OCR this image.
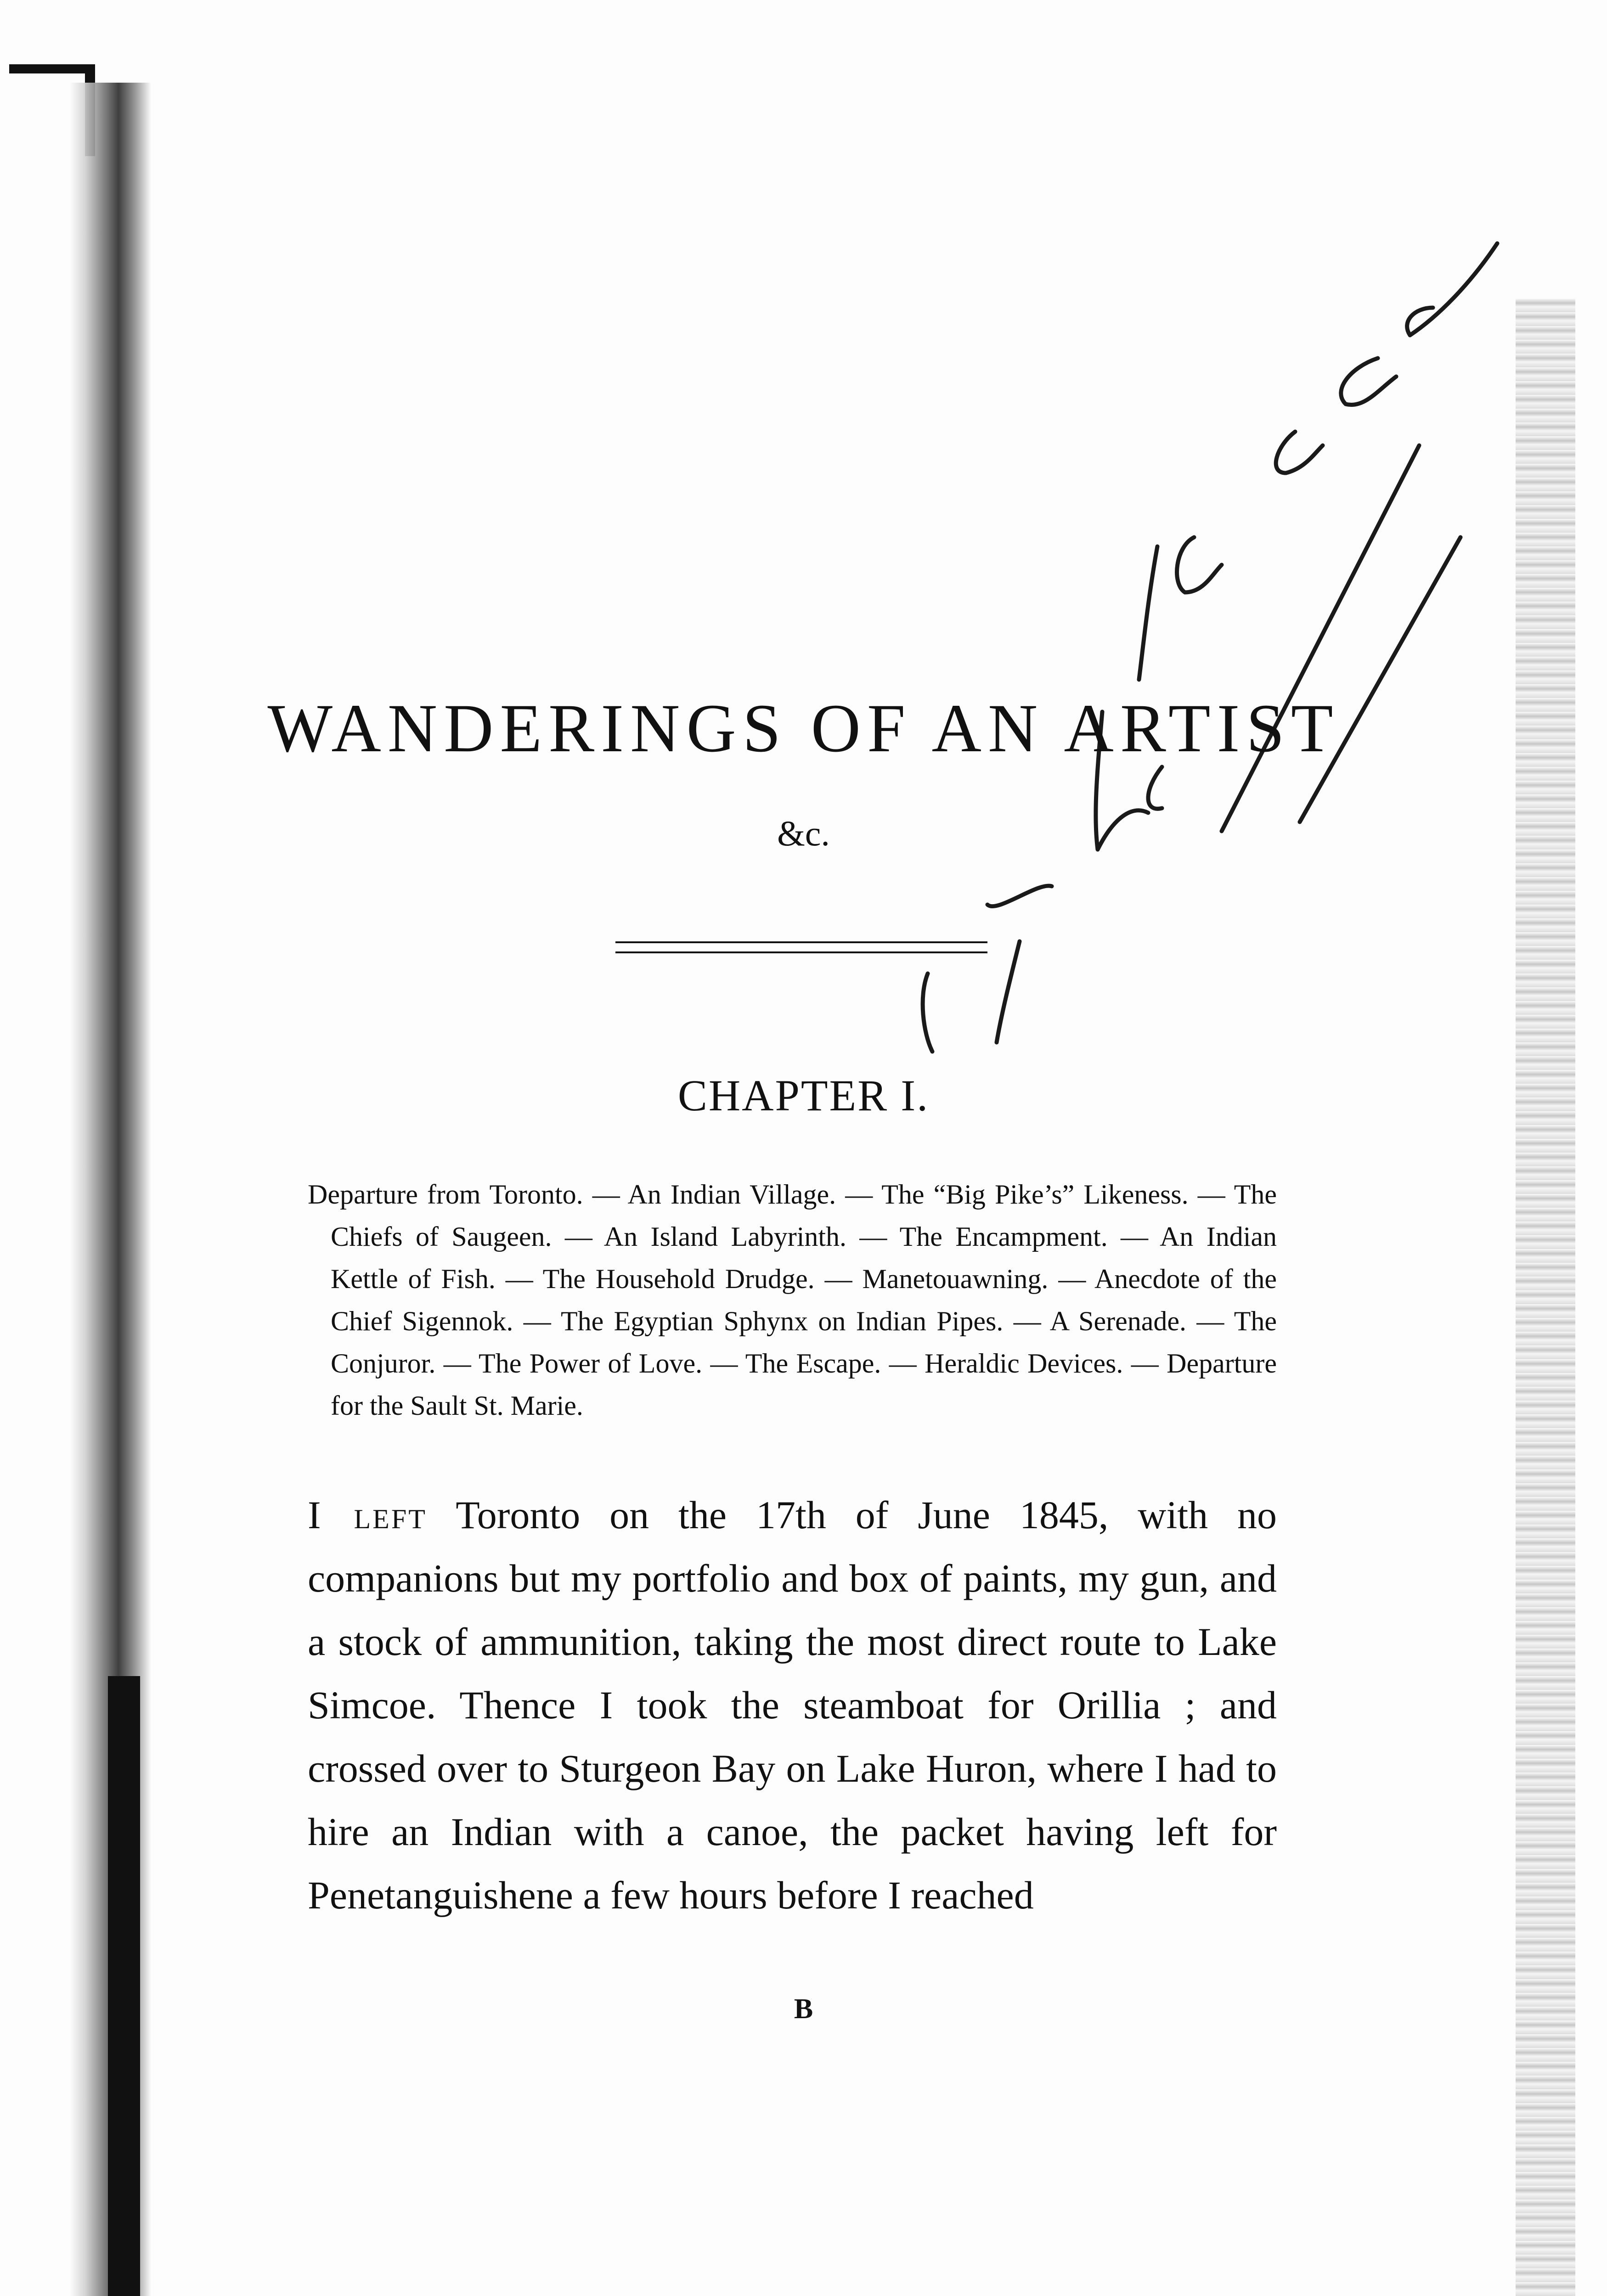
WANDERINGS OF AN ARTIST
&c.
CHAPTER I.
Departure from Toronto. — An Indian Village. — The “Big Pike’s” Likeness. — The Chiefs of Saugeen. — An Island Labyrinth. — The Encampment. — An Indian Kettle of Fish. — The Household Drudge. — Manetouawning. — Anecdote of the Chief Sigennok. — The Egyptian Sphynx on Indian Pipes. — A Serenade. — The Conjuror. — The Power of Love. — The Escape. — Heraldic Devices. — Departure for the Sault St. Marie.
I left Toronto on the 17th of June 1845, with no companions but my portfolio and box of paints, my gun, and a stock of ammunition, taking the most direct route to Lake Simcoe. Thence I took the steamboat for Orillia ; and crossed over to Sturgeon Bay on Lake Huron, where I had to hire an Indian with a canoe, the packet having left for Penetanguishene a few hours before I reached
B
